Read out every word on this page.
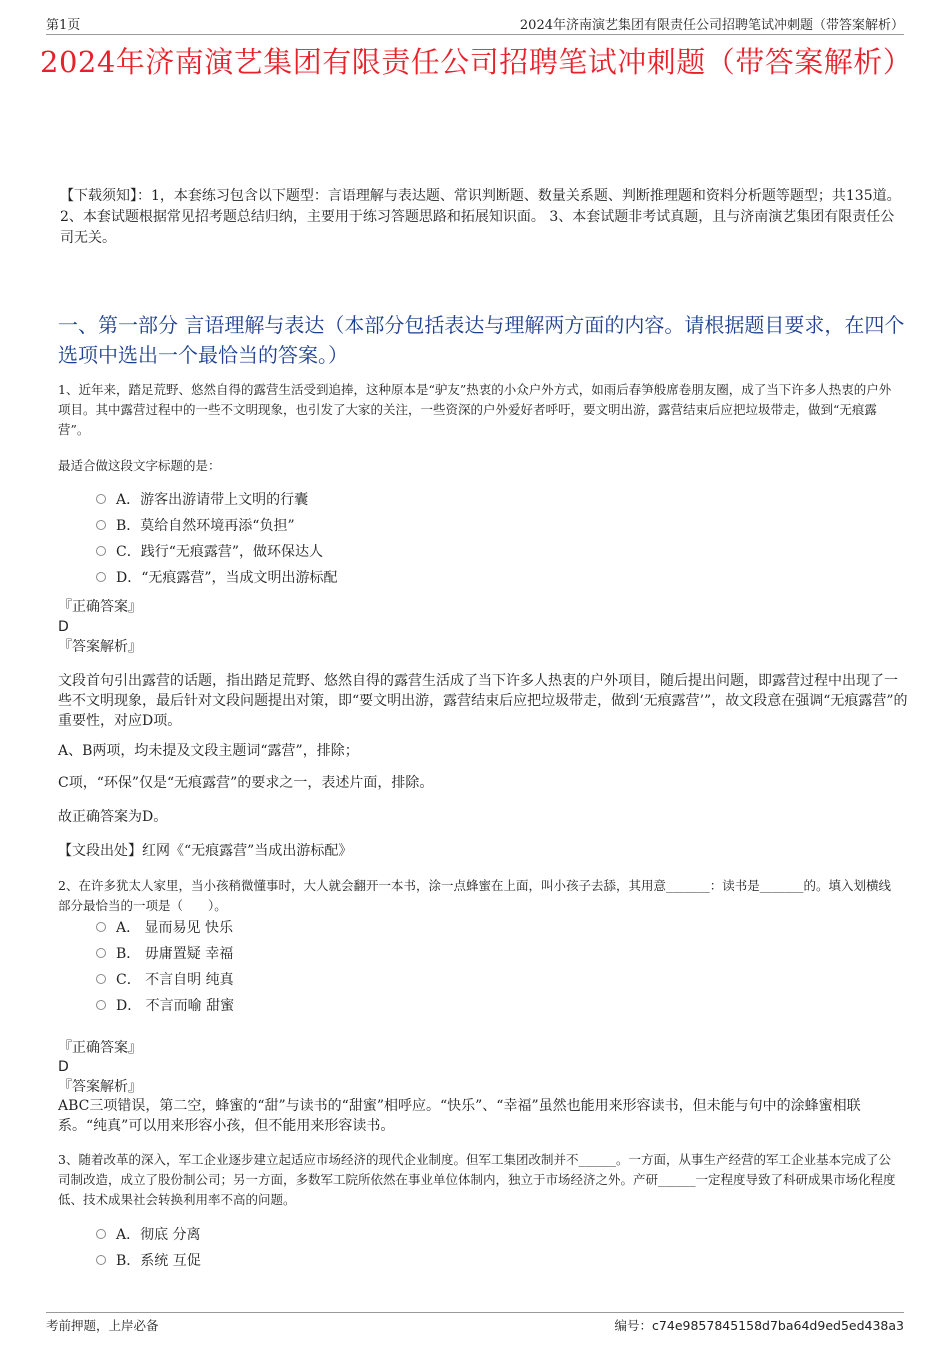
第1页	2024年济南演艺集团有限责任公司招聘笔试冲刺题（带答案解析）
2024年济南演艺集团有限责任公司招聘笔试冲刺题（带答案解析）
【下载须知】：1，本套练习包含以下题型：言语理解与表达题、常识判断题、数量关系题、判断推理题和资料分析题等题型；共135道。 2、本套试题根据常见招考题总结归纳，主要用于练习答题思路和拓展知识面。 3、本套试题非考试真题，且与济南演艺集团有限责任公司无关。
一、第一部分 言语理解与表达（本部分包括表达与理解两方面的内容。请根据题目要求，在四个选项中选出一个最恰当的答案。）
1、近年来，踏足荒野、悠然自得的露营生活受到追捧，这种原本是“驴友”热衷的小众户外方式，如雨后春笋般席卷朋友圈，成了当下许多人热衷的户外项目。其中露营过程中的一些不文明现象，也引发了大家的关注，一些资深的户外爱好者呼吁，要文明出游，露营结束后应把垃圾带走，做到“无痕露营”。
最适合做这段文字标题的是：
A．游客出游请带上文明的行囊
B．莫给自然环境再添“负担”
C．践行“无痕露营”，做环保达人
D．“无痕露营”，当成文明出游标配
『正确答案』
D
『答案解析』
文段首句引出露营的话题，指出踏足荒野、悠然自得的露营生活成了当下许多人热衷的户外项目，随后提出问题，即露营过程中出现了一些不文明现象，最后针对文段问题提出对策，即“要文明出游，露营结束后应把垃圾带走，做到‘无痕露营’”，故文段意在强调“无痕露营”的重要性，对应D项。
A、B两项，均未提及文段主题词“露营”，排除；
C项，“环保”仅是“无痕露营”的要求之一，表述片面，排除。
故正确答案为D。
【文段出处】红网《“无痕露营”当成出游标配》
2、在许多犹太人家里，当小孩稍微懂事时，大人就会翻开一本书，涂一点蜂蜜在上面，叫小孩子去舔，其用意_______：读书是_______的。填入划横线部分最恰当的一项是（　　）。
A． 显而易见 快乐
B． 毋庸置疑 幸福
C． 不言自明 纯真
D． 不言而喻 甜蜜
『正确答案』
D
『答案解析』
ABC三项错误，第二空，蜂蜜的“甜”与读书的“甜蜜”相呼应。“快乐”、“幸福”虽然也能用来形容读书，但未能与句中的涂蜂蜜相联系。“纯真”可以用来形容小孩，但不能用来形容读书。
3、随着改革的深入，军工企业逐步建立起适应市场经济的现代企业制度。但军工集团改制并不______。一方面，从事生产经营的军工企业基本完成了公司制改造，成立了股份制公司；另一方面，多数军工院所依然在事业单位体制内，独立于市场经济之外。产研______一定程度导致了科研成果市场化程度低、技术成果社会转换利用率不高的问题。
A．彻底 分离
B．系统 互促
考前押题，上岸必备	编号：c74e9857845158d7ba64d9ed5ed438a3
